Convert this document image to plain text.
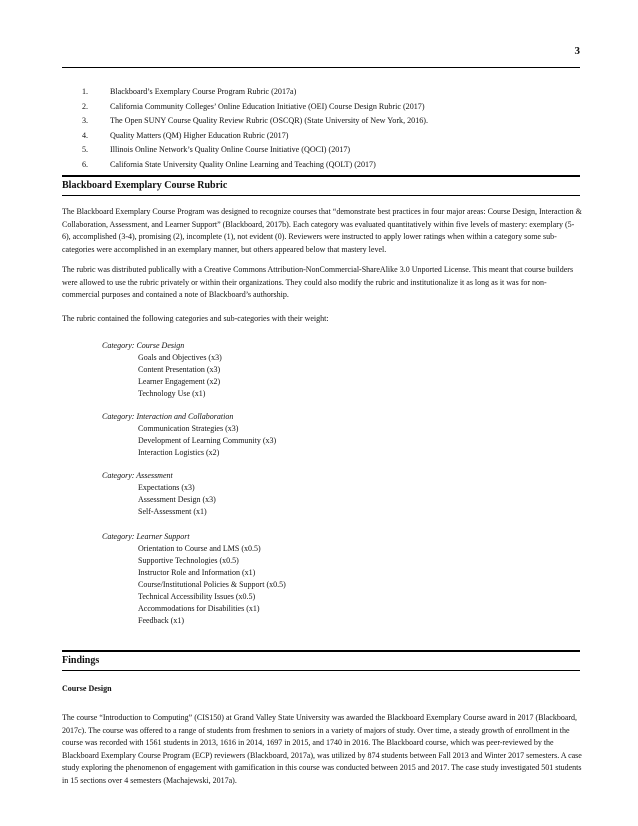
3
1.	Blackboard’s Exemplary Course Program Rubric (2017a)
2.	California Community Colleges’ Online Education Initiative (OEI) Course Design Rubric (2017)
3.	The Open SUNY Course Quality Review Rubric (OSCQR) (State University of New York, 2016).
4.	Quality Matters (QM) Higher Education Rubric (2017)
5.	Illinois Online Network’s Quality Online Course Initiative (QOCI) (2017)
6.	California State University Quality Online Learning and Teaching (QOLT) (2017)
Blackboard Exemplary Course Rubric

The Blackboard Exemplary Course Program was designed to recognize courses that “demonstrate best practices in four major areas: Course Design, Interaction & Collaboration, Assessment, and Learner Support” (Blackboard, 2017b). Each category was evaluated quantitatively within five levels of mastery: exemplary (5-6), accomplished (3-4), promising (2), incomplete (1), not evident (0). Reviewers were instructed to apply lower ratings when within a category some sub-categories were accomplished in an exemplary manner, but others appeared below that mastery level.

The rubric was distributed publically with a Creative Commons Attribution-NonCommercial-ShareAlike 3.0 Unported License. This meant that course builders were allowed to use the rubric privately or within their organizations. They could also modify the rubric and institutionalize it as long as it was for non-commercial purposes and contained a note of Blackboard’s authorship.

The rubric contained the following categories and sub-categories with their weight:

Category: Course Design
Goals and Objectives (x3)
Content Presentation (x3)
Learner Engagement (x2)
Technology Use (x1)
Category: Interaction and Collaboration
Communication Strategies (x3)
Development of Learning Community (x3)
Interaction Logistics (x2)
Category: Assessment
Expectations (x3)
Assessment Design (x3)
Self-Assessment (x1)
Category: Learner Support
Orientation to Course and LMS (x0.5)
Supportive Technologies (x0.5)
Instructor Role and Information (x1)
Course/Institutional Policies & Support (x0.5)
Technical Accessibility Issues (x0.5)
Accommodations for Disabilities (x1)
Feedback (x1)
Findings
Course Design

The course “Introduction to Computing” (CIS150) at Grand Valley State University was awarded the Blackboard Exemplary Course award in 2017 (Blackboard, 2017c). The course was offered to a range of students from freshmen to seniors in a variety of majors of study. Over time, a steady growth of enrollment in the course was recorded with 1561 students in 2013, 1616 in 2014, 1697 in 2015, and 1740 in 2016. The Blackboard course, which was peer-reviewed by the Blackboard Exemplary Course Program (ECP) reviewers (Blackboard, 2017a), was utilized by 874 students between Fall 2013 and Winter 2017 semesters. A case study exploring the phenomenon of engagement with gamification in this course was conducted between 2015 and 2017. The case study investigated 501 students in 15 sections over 4 semesters (Machajewski, 2017a).
